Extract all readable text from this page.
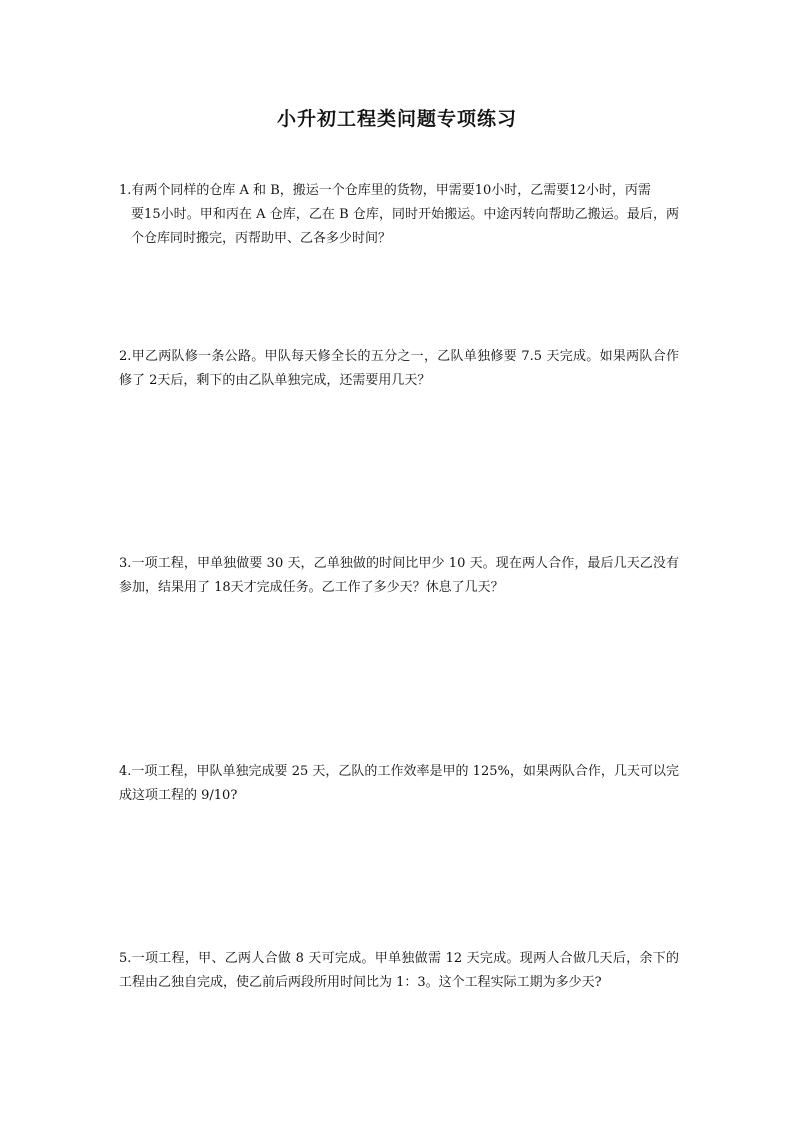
小升初工程类问题专项练习

1.有两个同样的仓库 A 和 B，搬运一个仓库里的货物，甲需要10小时，乙需要12小时，丙需
要15小时。甲和丙在 A 仓库，乙在 B 仓库，同时开始搬运。中途丙转向帮助乙搬运。最后，两个仓库同时搬完，丙帮助甲、乙各多少时间？

2.甲乙两队修一条公路。甲队每天修全长的五分之一，乙队单独修要 7.5 天完成。如果两队合作修了 2天后，剩下的由乙队单独完成，还需要用几天？

3.一项工程，甲单独做要 30 天，乙单独做的时间比甲少 10 天。现在两人合作，最后几天乙没有参加，结果用了 18天才完成任务。乙工作了多少天？休息了几天？

4.一项工程，甲队单独完成要 25 天，乙队的工作效率是甲的 125%，如果两队合作，几天可以完成这项工程的 9/10?

5.一项工程，甲、乙两人合做 8 天可完成。甲单独做需 12 天完成。现两人合做几天后，余下的工程由乙独自完成，使乙前后两段所用时间比为 1：3。这个工程实际工期为多少天?
